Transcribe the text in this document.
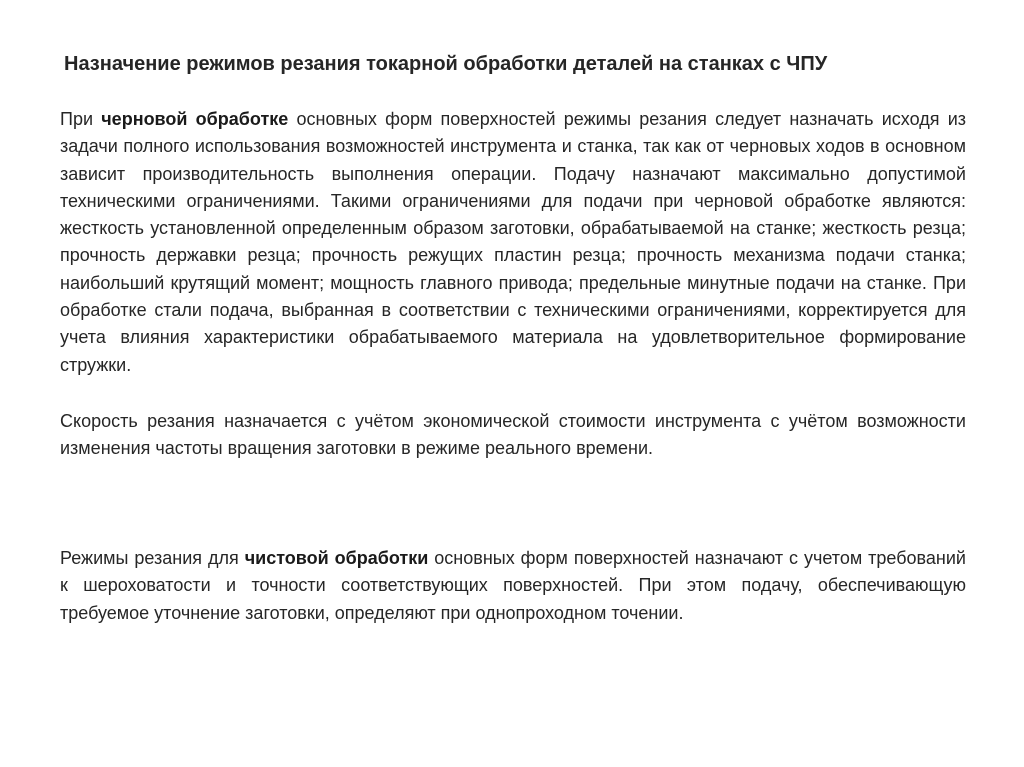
Назначение режимов резания токарной обработки деталей на станках с ЧПУ

При черновой обработке основных форм поверхностей режимы резания следует назначать исходя из задачи полного использования возможностей инструмента и станка, так как от черновых ходов в основном зависит производительность выполнения операции. Подачу назначают максимально допустимой техническими ограничениями. Такими ограничениями для подачи при черновой обработке являются: жесткость установленной определенным образом заготовки, обрабатываемой на станке; жесткость резца; прочность державки резца; прочность режущих пластин резца; прочность механизма подачи станка; наибольший крутящий момент; мощность главного привода; предельные минутные подачи на станке. При обработке стали подача, выбранная в соответствии с техническими ограничениями, корректируется для учета влияния характеристики обрабатываемого материала на удовлетворительное формирование стружки.

Скорость резания назначается с учётом экономической стоимости инструмента с учётом возможности изменения частоты вращения заготовки в режиме реального времени.

Режимы резания для чистовой обработки основных форм поверхностей назначают с учетом требований к шероховатости и точности соответствующих поверхностей. При этом подачу, обеспечивающую требуемое уточнение заготовки, определяют при однопроходном точении.
